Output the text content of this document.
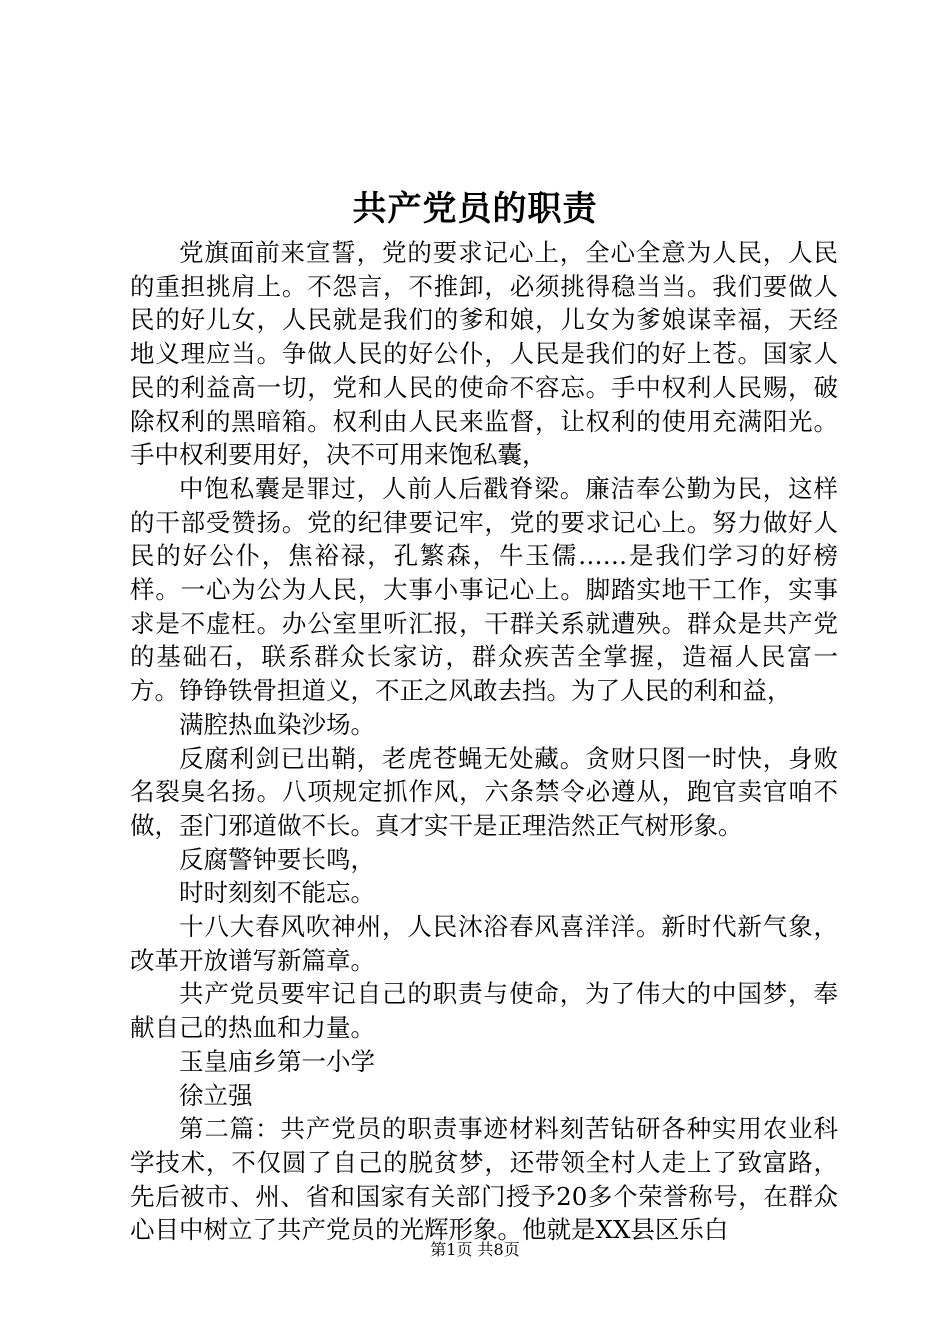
共产党员的职责

党旗面前来宣誓，党的要求记心上，全心全意为人民，人民的重担挑肩上。不怨言，不推卸，必须挑得稳当当。我们要做人民的好儿女，人民就是我们的爹和娘，儿女为爹娘谋幸福，天经地义理应当。争做人民的好公仆，人民是我们的好上苍。国家人民的利益高一切，党和人民的使命不容忘。手中权利人民赐，破除权利的黑暗箱。权利由人民来监督，让权利的使用充满阳光。手中权利要用好，决不可用来饱私囊，

中饱私囊是罪过，人前人后戳脊梁。廉洁奉公勤为民，这样的干部受赞扬。党的纪律要记牢，党的要求记心上。努力做好人民的好公仆，焦裕禄，孔繁森，牛玉儒……是我们学习的好榜样。一心为公为人民，大事小事记心上。脚踏实地干工作，实事求是不虚枉。办公室里听汇报，干群关系就遭殃。群众是共产党的基础石，联系群众长家访，群众疾苦全掌握，造福人民富一方。铮铮铁骨担道义，不正之风敢去挡。为了人民的利和益，

满腔热血染沙场。

反腐利剑已出鞘，老虎苍蝇无处藏。贪财只图一时快，身败名裂臭名扬。八项规定抓作风，六条禁令必遵从，跑官卖官咱不做，歪门邪道做不长。真才实干是正理浩然正气树形象。

反腐警钟要长鸣，

时时刻刻不能忘。

十八大春风吹神州，人民沐浴春风喜洋洋。新时代新气象，改革开放谱写新篇章。

共产党员要牢记自己的职责与使命，为了伟大的中国梦，奉献自己的热血和力量。

玉皇庙乡第一小学

徐立强

第二篇：共产党员的职责事迹材料刻苦钻研各种实用农业科学技术，不仅圆了自己的脱贫梦，还带领全村人走上了致富路，先后被市、州、省和国家有关部门授予20多个荣誉称号，在群众心目中树立了共产党员的光辉形象。他就是XX县区乐白

第1页 共8页
